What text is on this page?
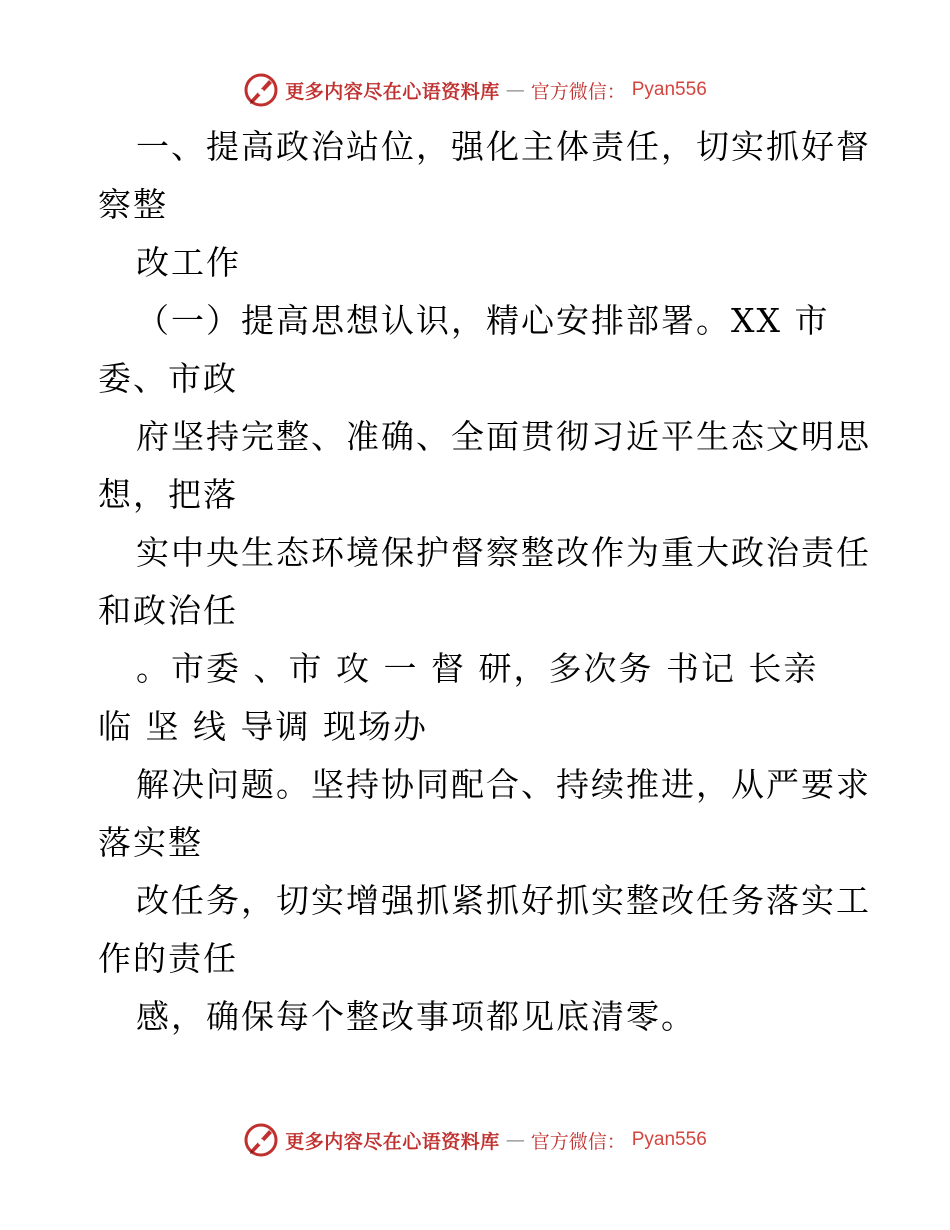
更多内容尽在心语资料库 — 官方微信： Pyan556
一、提高政治站位，强化主体责任，切实抓好督
察整
改工作
（一）提高思想认识，精心安排部署。XX 市
委、市政
府坚持完整、准确、全面贯彻习近平生态文明思
想，把落
实中央生态环境保护督察整改作为重大政治责任
和政治任
。市委 、市 攻 一 督 研，多次务 书记 长亲
临 坚 线 导调 现场办
解决问题。坚持协同配合、持续推进，从严要求
落实整
改任务，切实增强抓紧抓好抓实整改任务落实工
作的责任
感，确保每个整改事项都见底清零。
更多内容尽在心语资料库 — 官方微信： Pyan556
